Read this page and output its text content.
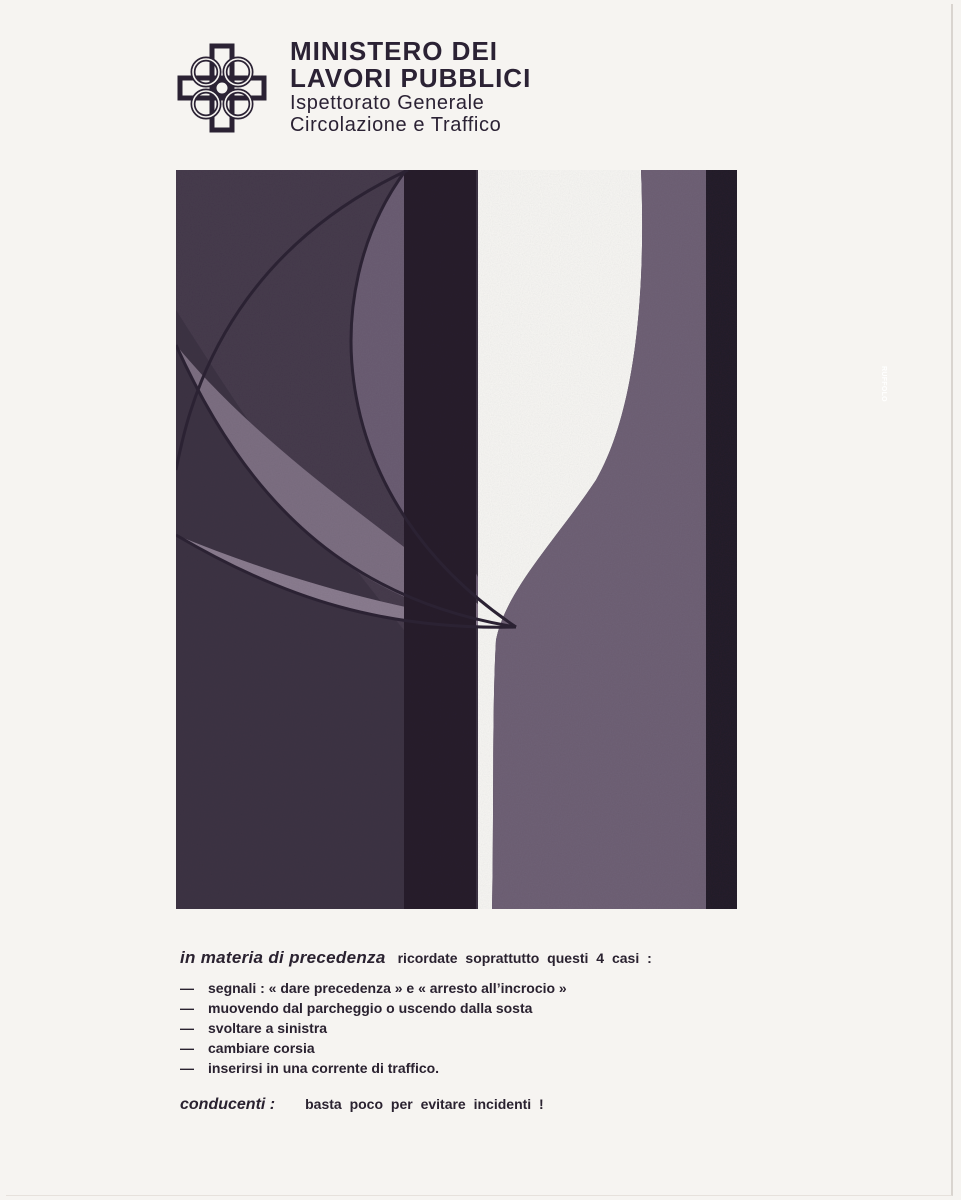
MINISTERO DEI
LAVORI PUBBLICI
Ispettorato Generale
Circolazione e Traffico
RUFFOLO
in materia di precedenza ricordate soprattutto questi 4 casi :
— segnali : « dare precedenza » e « arresto all’incrocio »
— muovendo dal parcheggio o uscendo dalla sosta
— svoltare a sinistra
— cambiare corsia
— inserirsi in una corrente di traffico.
conducenti : basta poco per evitare incidenti !
